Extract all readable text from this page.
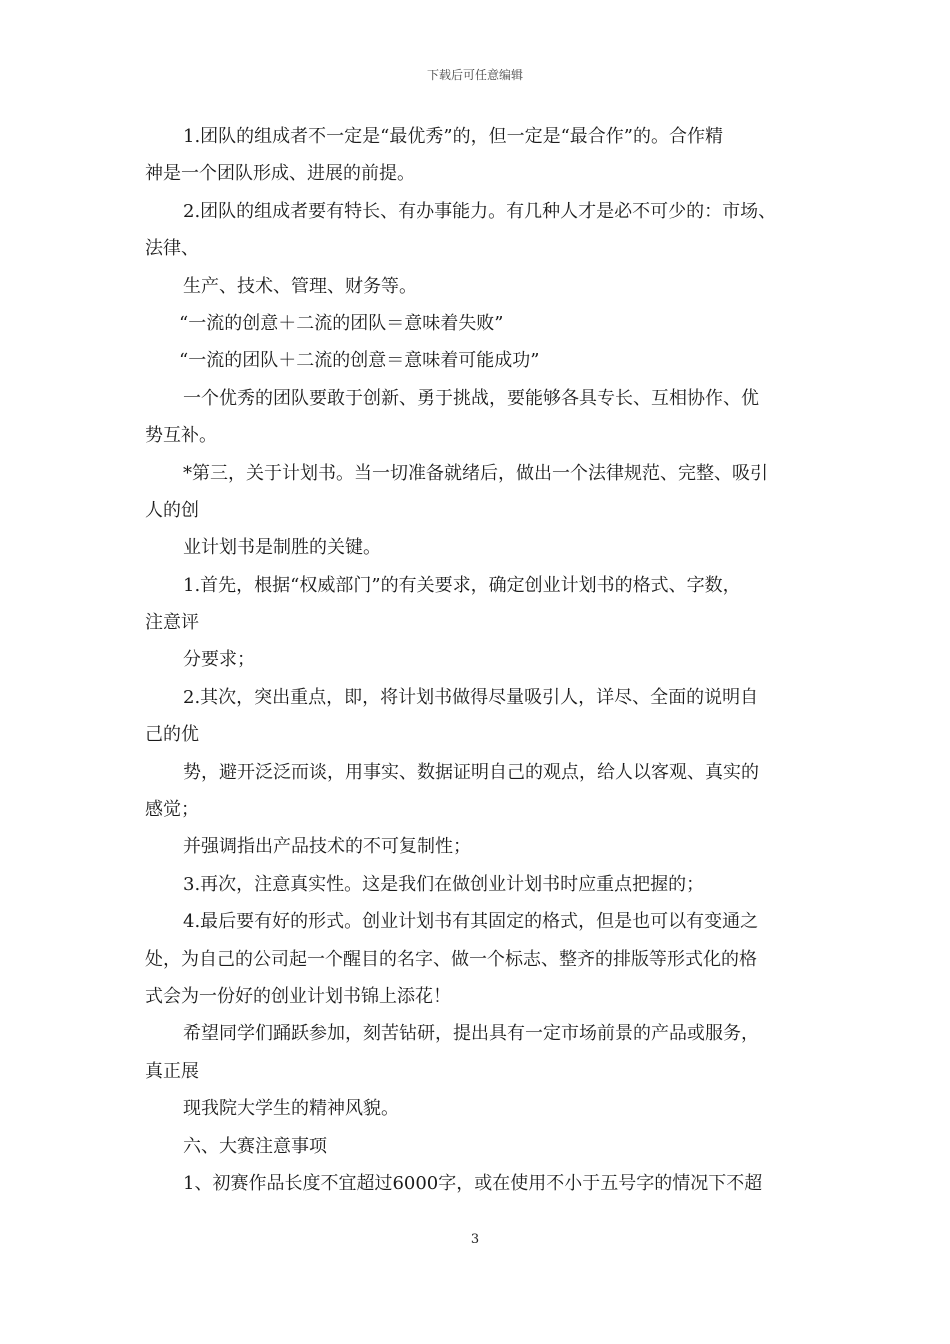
下载后可任意编辑
1.团队的组成者不一定是“最优秀”的，但一定是“最合作”的。合作精
神是一个团队形成、进展的前提。
2.团队的组成者要有特长、有办事能力。有几种人才是必不可少的：市场、
法律、
生产、技术、管理、财务等。
“一流的创意＋二流的团队＝意味着失败”
“一流的团队＋二流的创意＝意味着可能成功”
一个优秀的团队要敢于创新、勇于挑战，要能够各具专长、互相协作、优
势互补。
*第三，关于计划书。当一切准备就绪后，做出一个法律规范、完整、吸引
人的创
业计划书是制胜的关键。
1.首先，根据“权威部门”的有关要求，确定创业计划书的格式、字数，
注意评
分要求；
2.其次，突出重点，即，将计划书做得尽量吸引人，详尽、全面的说明自
己的优
势，避开泛泛而谈，用事实、数据证明自己的观点，给人以客观、真实的
感觉；
并强调指出产品技术的不可复制性；
3.再次，注意真实性。这是我们在做创业计划书时应重点把握的；
4.最后要有好的形式。创业计划书有其固定的格式，但是也可以有变通之
处，为自己的公司起一个醒目的名字、做一个标志、整齐的排版等形式化的格
式会为一份好的创业计划书锦上添花！
希望同学们踊跃参加，刻苦钻研，提出具有一定市场前景的产品或服务，
真正展
现我院大学生的精神风貌。
六、大赛注意事项
1、初赛作品长度不宜超过6000字，或在使用不小于五号字的情况下不超
3
